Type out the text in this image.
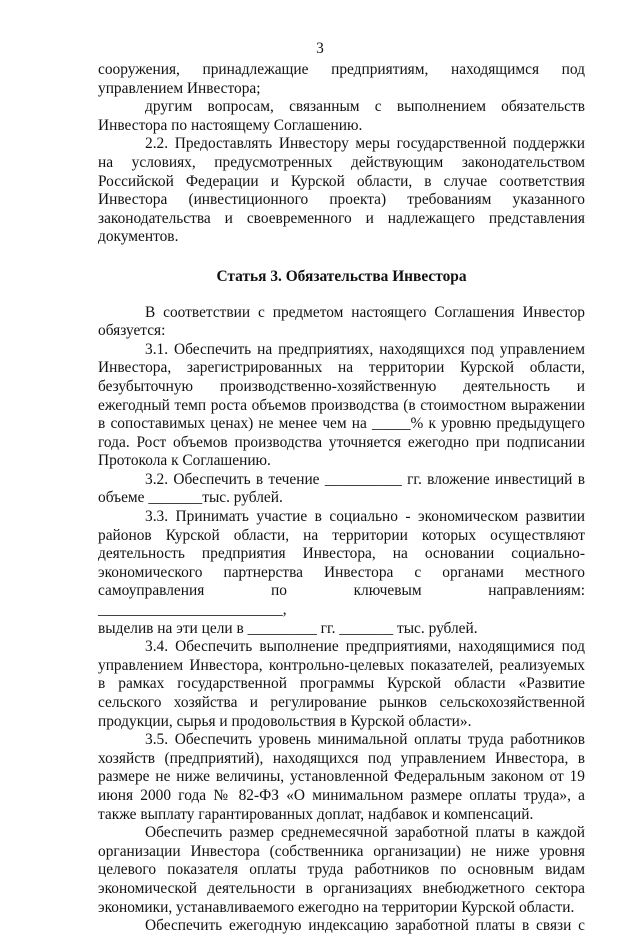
3

сооружения, принадлежащие предприятиям, находящимся под

управлением Инвестора;

другим вопросам, связанным с выполнением обязательств Инвестора по настоящему Соглашению.

2.2. Предоставлять Инвестору меры государственной поддержки на условиях, предусмотренных действующим законодательством Российской Федерации и Курской области, в случае соответствия Инвестора (инвестиционного проекта) требованиям указанного законодательства и своевременного и надлежащего представления документов.

Статья 3. Обязательства Инвестора

В соответствии с предметом настоящего Соглашения Инвестор обязуется:

3.1. Обеспечить на предприятиях, находящихся под управлением Инвестора, зарегистрированных на территории Курской области, безубыточную производственно-хозяйственную деятельность и ежегодный темп роста объемов производства (в стоимостном выражении в сопоставимых ценах) не менее чем на _____% к уровню предыдущего года. Рост объемов производства уточняется ежегодно при подписании Протокола к Соглашению.

3.2. Обеспечить в течение __________ гг. вложение инвестиций в объеме _______тыс. рублей.

3.3. Принимать участие в социально - экономическом развитии районов Курской области, на территории которых осуществляют деятельность предприятия Инвестора, на основании социально-экономического партнерства Инвестора с органами местного самоуправления по ключевым направлениям: ________________________,

выделив на эти цели в _________ гг. _______ тыс. рублей.

3.4. Обеспечить выполнение предприятиями, находящимися под управлением Инвестора, контрольно-целевых показателей, реализуемых в рамках государственной программы Курской области «Развитие сельского хозяйства и регулирование рынков сельскохозяйственной продукции, сырья и продовольствия в Курской области».

3.5. Обеспечить уровень минимальной оплаты труда работников хозяйств (предприятий), находящихся под управлением Инвестора, в размере не ниже величины, установленной Федеральным законом от 19 июня 2000 года № 82-ФЗ «О минимальном размере оплаты труда», а также выплату гарантированных доплат, надбавок и компенсаций.

Обеспечить размер среднемесячной заработной платы в каждой организации Инвестора (собственника организации) не ниже уровня целевого показателя оплаты труда работников по основным видам экономической деятельности в организациях внебюджетного сектора экономики, устанавливаемого ежегодно на территории Курской области.

Обеспечить ежегодную индексацию заработной платы в связи с
